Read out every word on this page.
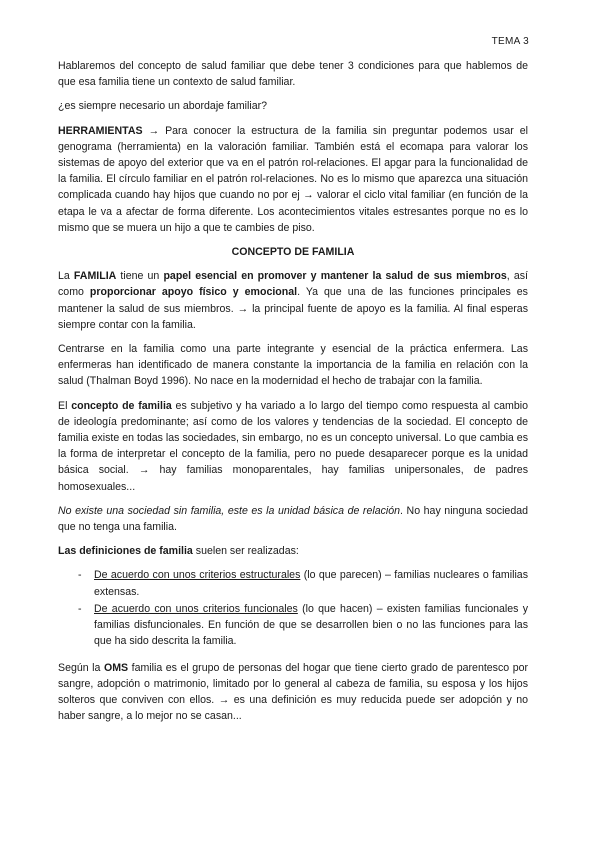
TEMA 3

Hablaremos del concepto de salud familiar que debe tener 3 condiciones para que hablemos de que esa familia tiene un contexto de salud familiar.

¿es siempre necesario un abordaje familiar?

HERRAMIENTAS → Para conocer la estructura de la familia sin preguntar podemos usar el genograma (herramienta) en la valoración familiar. También está el ecomapa para valorar los sistemas de apoyo del exterior que va en el patrón rol-relaciones. El apgar para la funcionalidad de la familia. El círculo familiar en el patrón rol-relaciones. No es lo mismo que aparezca una situación complicada cuando hay hijos que cuando no por ej → valorar el ciclo vital familiar (en función de la etapa le va a afectar de forma diferente. Los acontecimientos vitales estresantes porque no es lo mismo que se muera un hijo a que te cambies de piso.

CONCEPTO DE FAMILIA

La FAMILIA tiene un papel esencial en promover y mantener la salud de sus miembros, así como proporcionar apoyo físico y emocional. Ya que una de las funciones principales es mantener la salud de sus miembros. → la principal fuente de apoyo es la familia. Al final esperas siempre contar con la familia.

Centrarse en la familia como una parte integrante y esencial de la práctica enfermera. Las enfermeras han identificado de manera constante la importancia de la familia en relación con la salud (Thalman Boyd 1996). No nace en la modernidad el hecho de trabajar con la familia.

El concepto de familia es subjetivo y ha variado a lo largo del tiempo como respuesta al cambio de ideología predominante; así como de los valores y tendencias de la sociedad. El concepto de familia existe en todas las sociedades, sin embargo, no es un concepto universal. Lo que cambia es la forma de interpretar el concepto de la familia, pero no puede desaparecer porque es la unidad básica social. → hay familias monoparentales, hay familias unipersonales, de padres homosexuales...

No existe una sociedad sin familia, este es la unidad básica de relación. No hay ninguna sociedad que no tenga una familia.

Las definiciones de familia suelen ser realizadas:

- De acuerdo con unos criterios estructurales (lo que parecen) – familias nucleares o familias extensas.
- De acuerdo con unos criterios funcionales (lo que hacen) – existen familias funcionales y familias disfuncionales. En función de que se desarrollen bien o no las funciones para las que ha sido descrita la familia.

Según la OMS familia es el grupo de personas del hogar que tiene cierto grado de parentesco por sangre, adopción o matrimonio, limitado por lo general al cabeza de familia, su esposa y los hijos solteros que conviven con ellos. → es una definición es muy reducida puede ser adopción y no haber sangre, a lo mejor no se casan...
